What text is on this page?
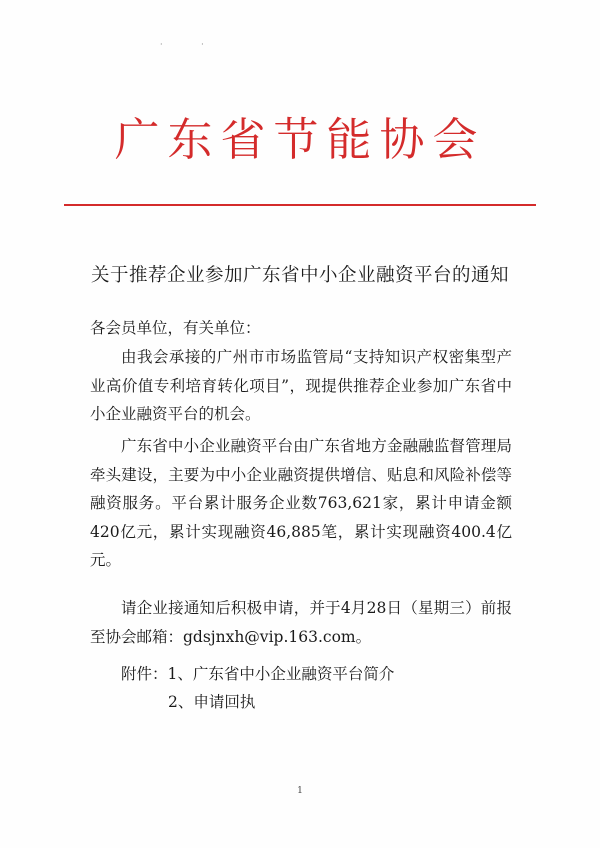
· ·
广东省节能协会
关于推荐企业参加广东省中小企业融资平台的通知
各会员单位，有关单位：

由我会承接的广州市市场监管局“支持知识产权密集型产业高价值专利培育转化项目”，现提供推荐企业参加广东省中小企业融资平台的机会。

广东省中小企业融资平台由广东省地方金融融监督管理局牵头建设，主要为中小企业融资提供增信、贴息和风险补偿等融资服务。平台累计服务企业数763,621家，累计申请金额420亿元，累计实现融资46,885笔，累计实现融资400.4亿元。

请企业接通知后积极申请，并于4月28日（星期三）前报至协会邮箱：gdsjnxh@vip.163.com。

附件：1、广东省中小企业融资平台简介
2、申请回执
1
